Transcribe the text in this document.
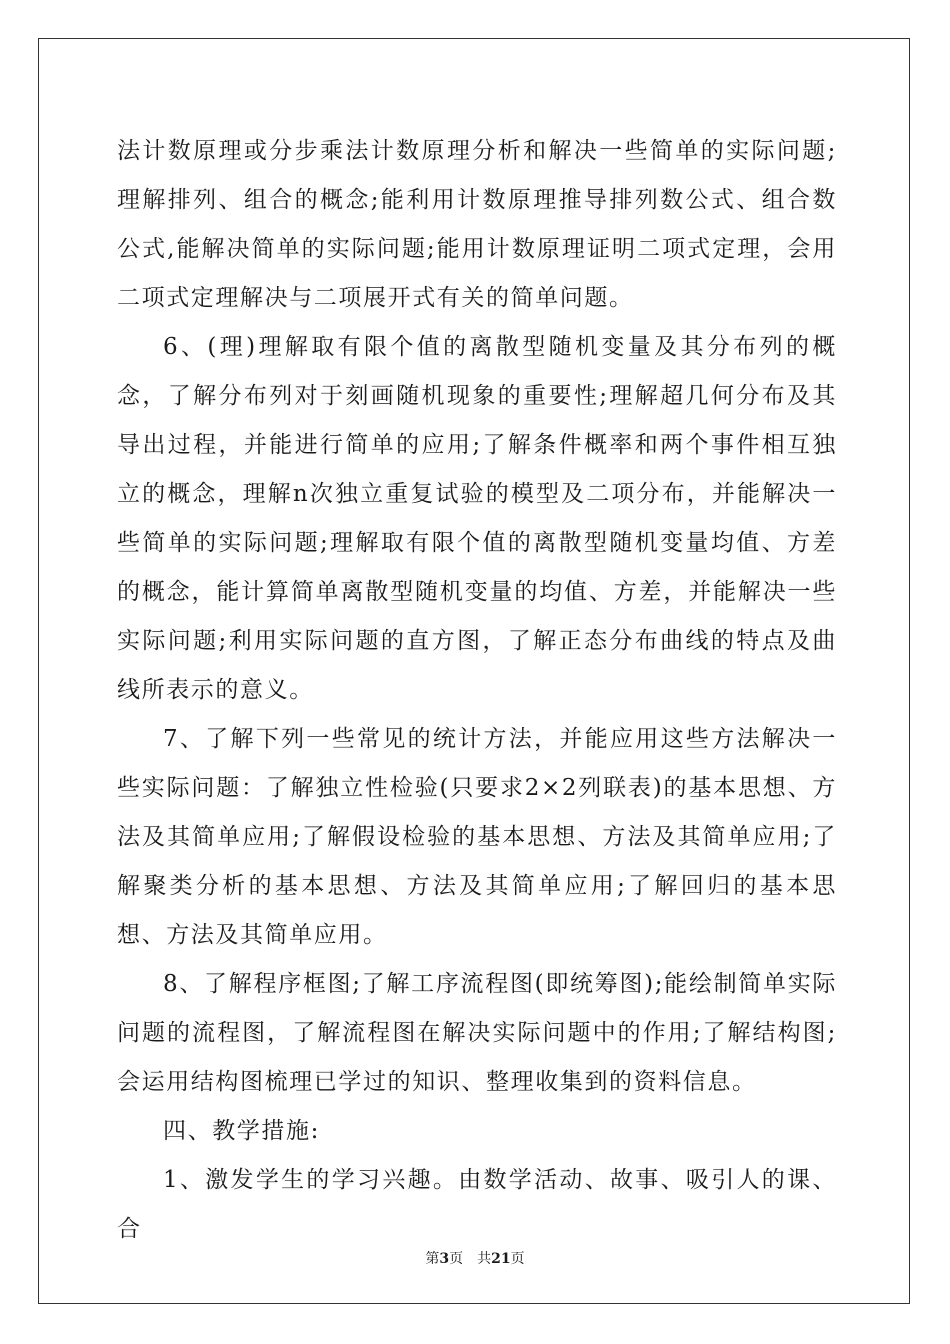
法计数原理或分步乘法计数原理分析和解决一些简单的实际问题;理解排列、组合的概念;能利用计数原理推导排列数公式、组合数公式,能解决简单的实际问题;能用计数原理证明二项式定理，会用二项式定理解决与二项展开式有关的简单问题。

6、(理)理解取有限个值的离散型随机变量及其分布列的概念，了解分布列对于刻画随机现象的重要性;理解超几何分布及其导出过程，并能进行简单的应用;了解条件概率和两个事件相互独立的概念，理解n次独立重复试验的模型及二项分布，并能解决一些简单的实际问题;理解取有限个值的离散型随机变量均值、方差的概念，能计算简单离散型随机变量的均值、方差，并能解决一些实际问题;利用实际问题的直方图，了解正态分布曲线的特点及曲线所表示的意义。

7、了解下列一些常见的统计方法，并能应用这些方法解决一些实际问题：了解独立性检验(只要求2×2列联表)的基本思想、方法及其简单应用;了解假设检验的基本思想、方法及其简单应用;了解聚类分析的基本思想、方法及其简单应用;了解回归的基本思想、方法及其简单应用。

8、了解程序框图;了解工序流程图(即统筹图);能绘制简单实际问题的流程图，了解流程图在解决实际问题中的作用;了解结构图;会运用结构图梳理已学过的知识、整理收集到的资料信息。

四、教学措施:

1、激发学生的学习兴趣。由数学活动、故事、吸引人的课、合

第3页 共21页
